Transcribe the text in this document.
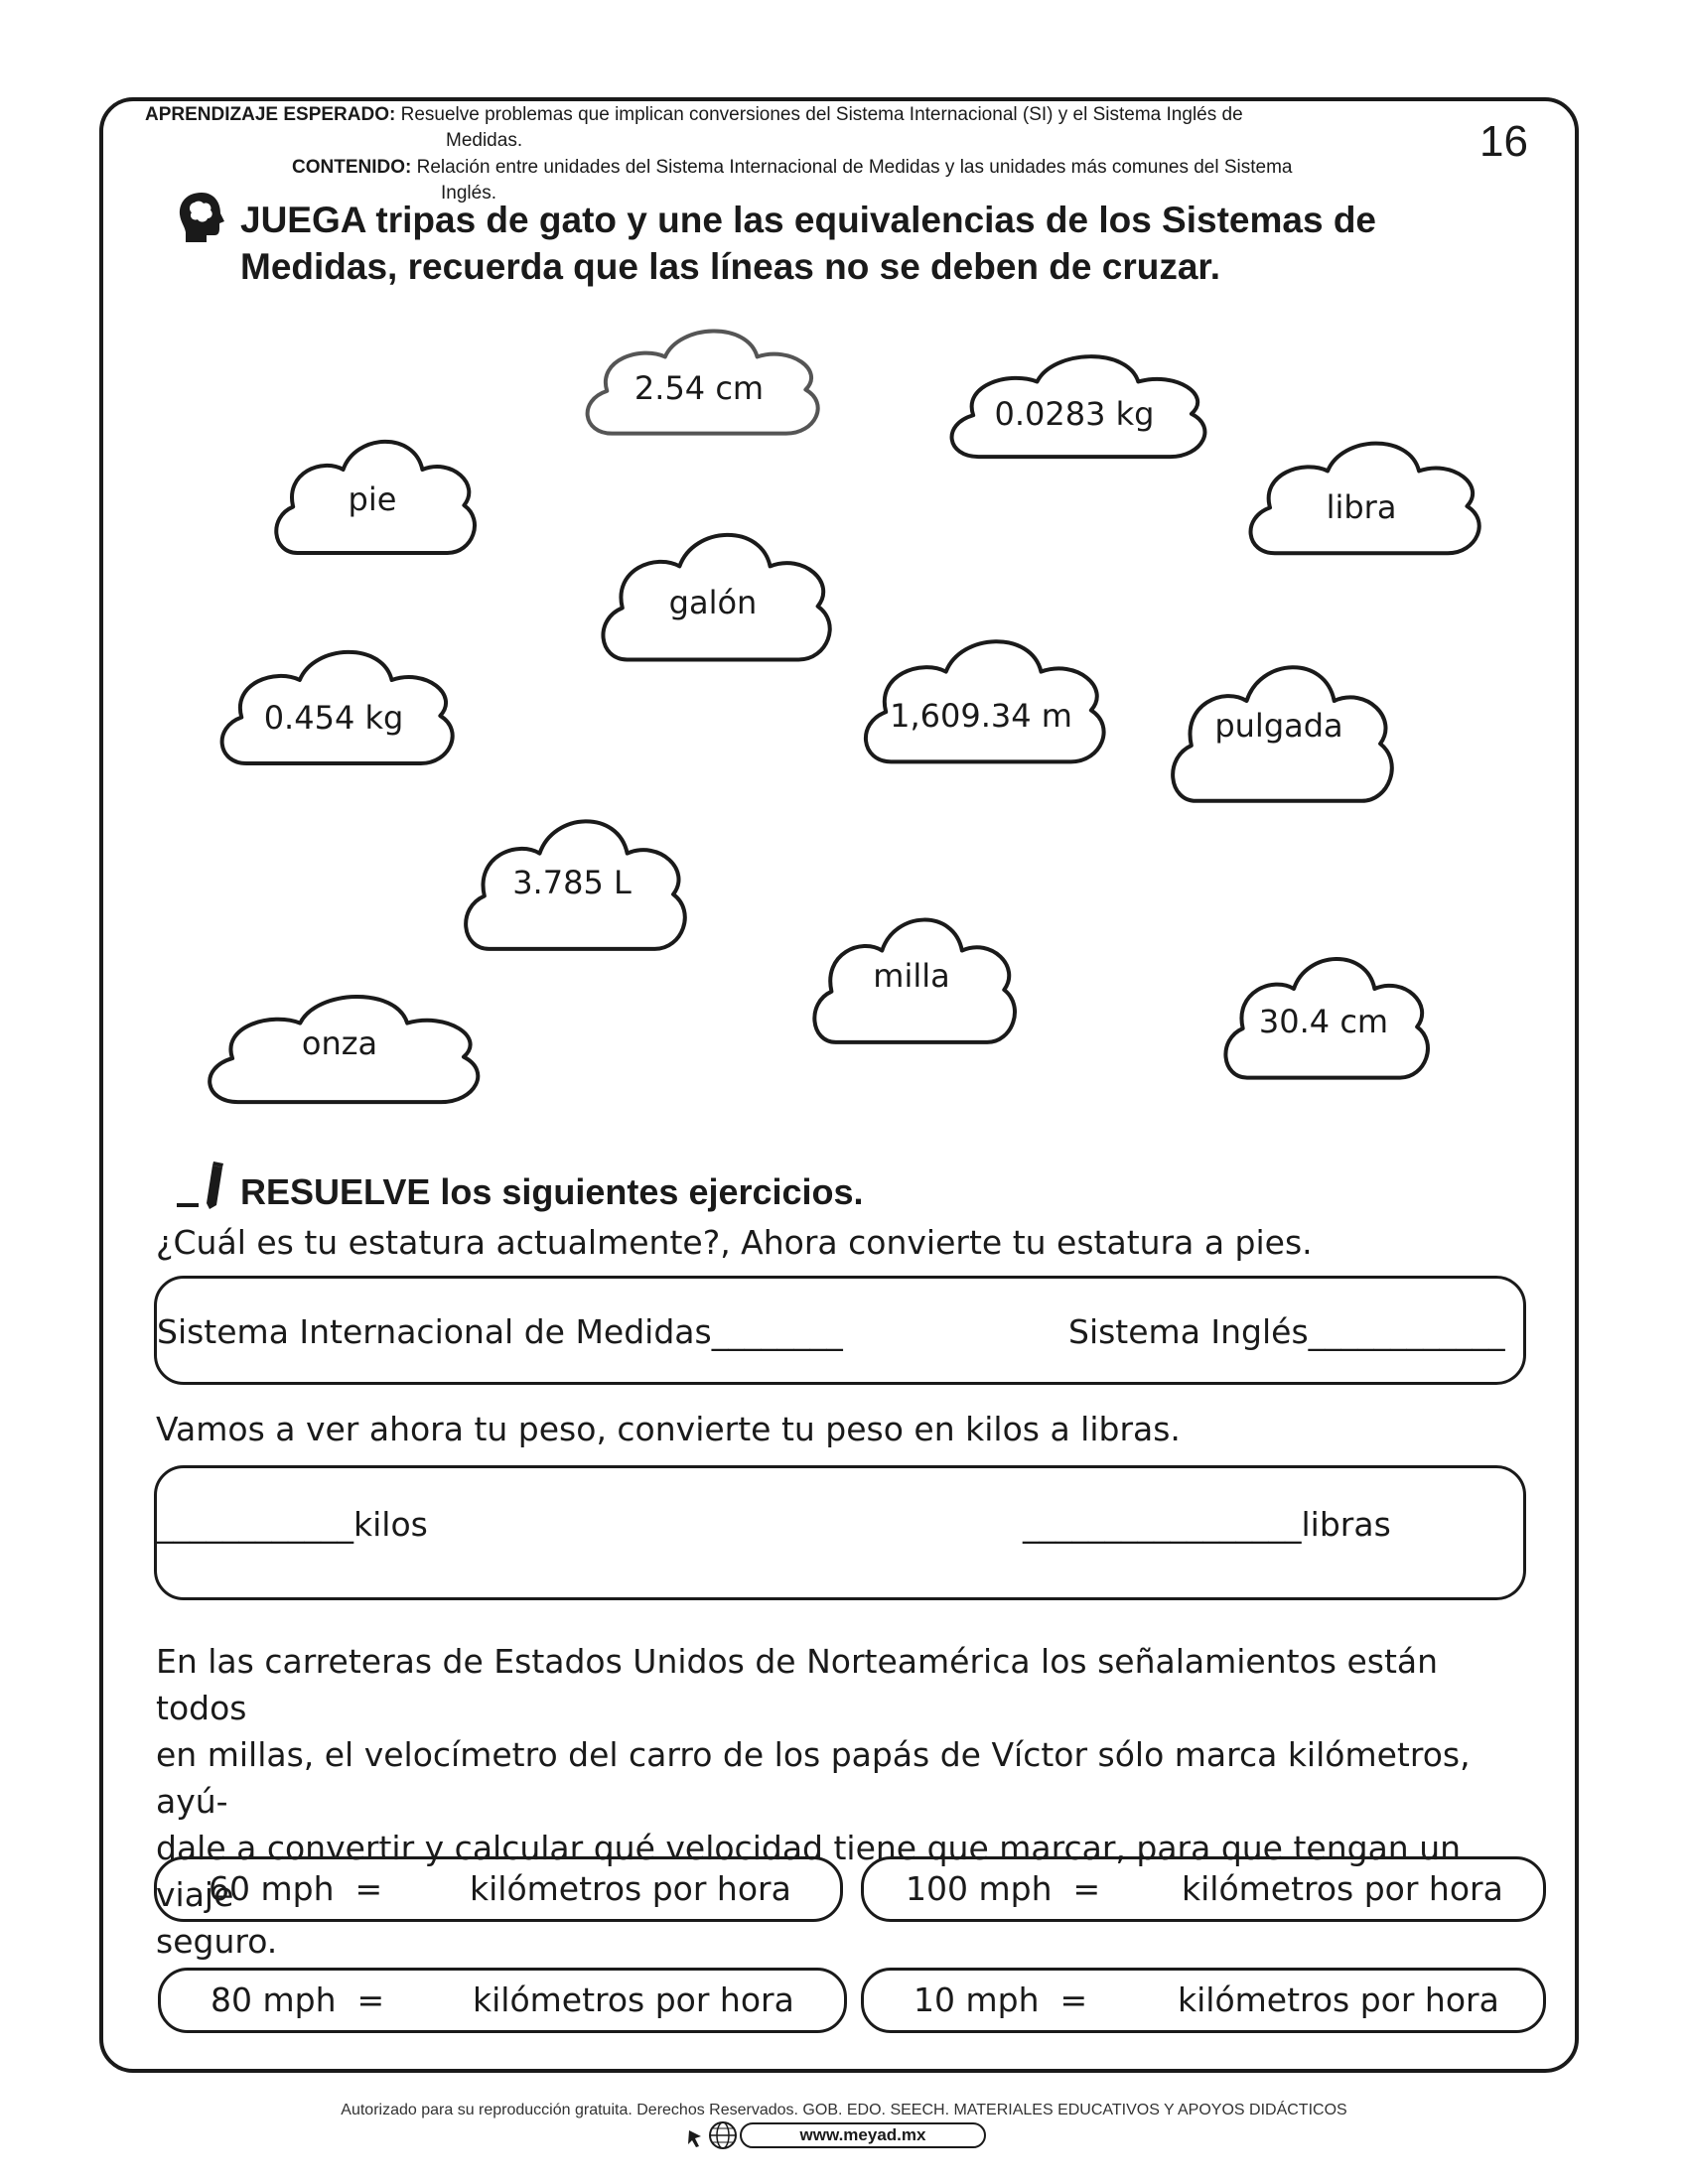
APRENDIZAJE ESPERADO: Resuelve problemas que implican conversiones del Sistema Internacional (SI) y el Sistema Inglés de
Medidas.
CONTENIDO: Relación entre unidades del Sistema Internacional de Medidas y las unidades más comunes del Sistema
Inglés.
16
JUEGA tripas de gato y une las equivalencias de los Sistemas de
Medidas, recuerda que las líneas no se deben de cruzar.
2.54 cm
0.0283 kg
pie	libra
galón
0.454 kg	1,609.34 m	pulgada
3.785 L
milla
onza
30.4 cm
RESUELVE los siguientes ejercicios.
¿Cuál es tu estatura actualmente?, Ahora convierte tu estatura a pies.
Sistema Internacional de Medidas________	Sistema Inglés____________
Vamos a ver ahora tu peso, convierte tu peso en kilos a libras.
____________kilos	_________________libras
En las carreteras de Estados Unidos de Norteamérica los señalamientos están todos
en millas, el velocímetro del carro de los papás de Víctor sólo marca kilómetros, ayú-
dale a convertir y calcular qué velocidad tiene que marcar, para que tengan un viaje
seguro.
60 mph  =	kilómetros por hora	100 mph  = kilómetros por hora
80 mph  =	kilómetros por hora	10 mph  =	kilómetros por hora
Autorizado para su reproducción gratuita. Derechos Reservados. GOB. EDO. SEECH. MATERIALES EDUCATIVOS Y APOYOS DIDÁCTICOS
www.meyad.mx
